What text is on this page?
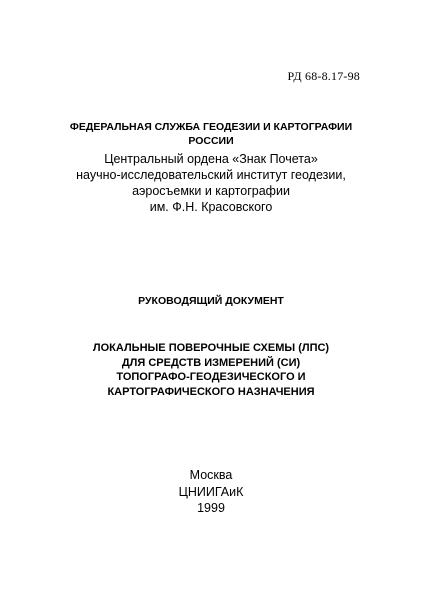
РД 68-8.17-98
ФЕДЕРАЛЬНАЯ СЛУЖБА ГЕОДЕЗИИ И КАРТОГРАФИИ
РОССИИ
Центральный ордена «Знак Почета»
научно-исследовательский институт геодезии,
аэросъемки и картографии
им. Ф.Н. Красовского
РУКОВОДЯЩИЙ ДОКУМЕНТ
ЛОКАЛЬНЫЕ ПОВЕРОЧНЫЕ СХЕМЫ (ЛПС)
ДЛЯ СРЕДСТВ ИЗМЕРЕНИЙ (СИ)
ТОПОГРАФО-ГЕОДЕЗИЧЕСКОГО И
КАРТОГРАФИЧЕСКОГО НАЗНАЧЕНИЯ
Москва
ЦНИИГАиК
1999
